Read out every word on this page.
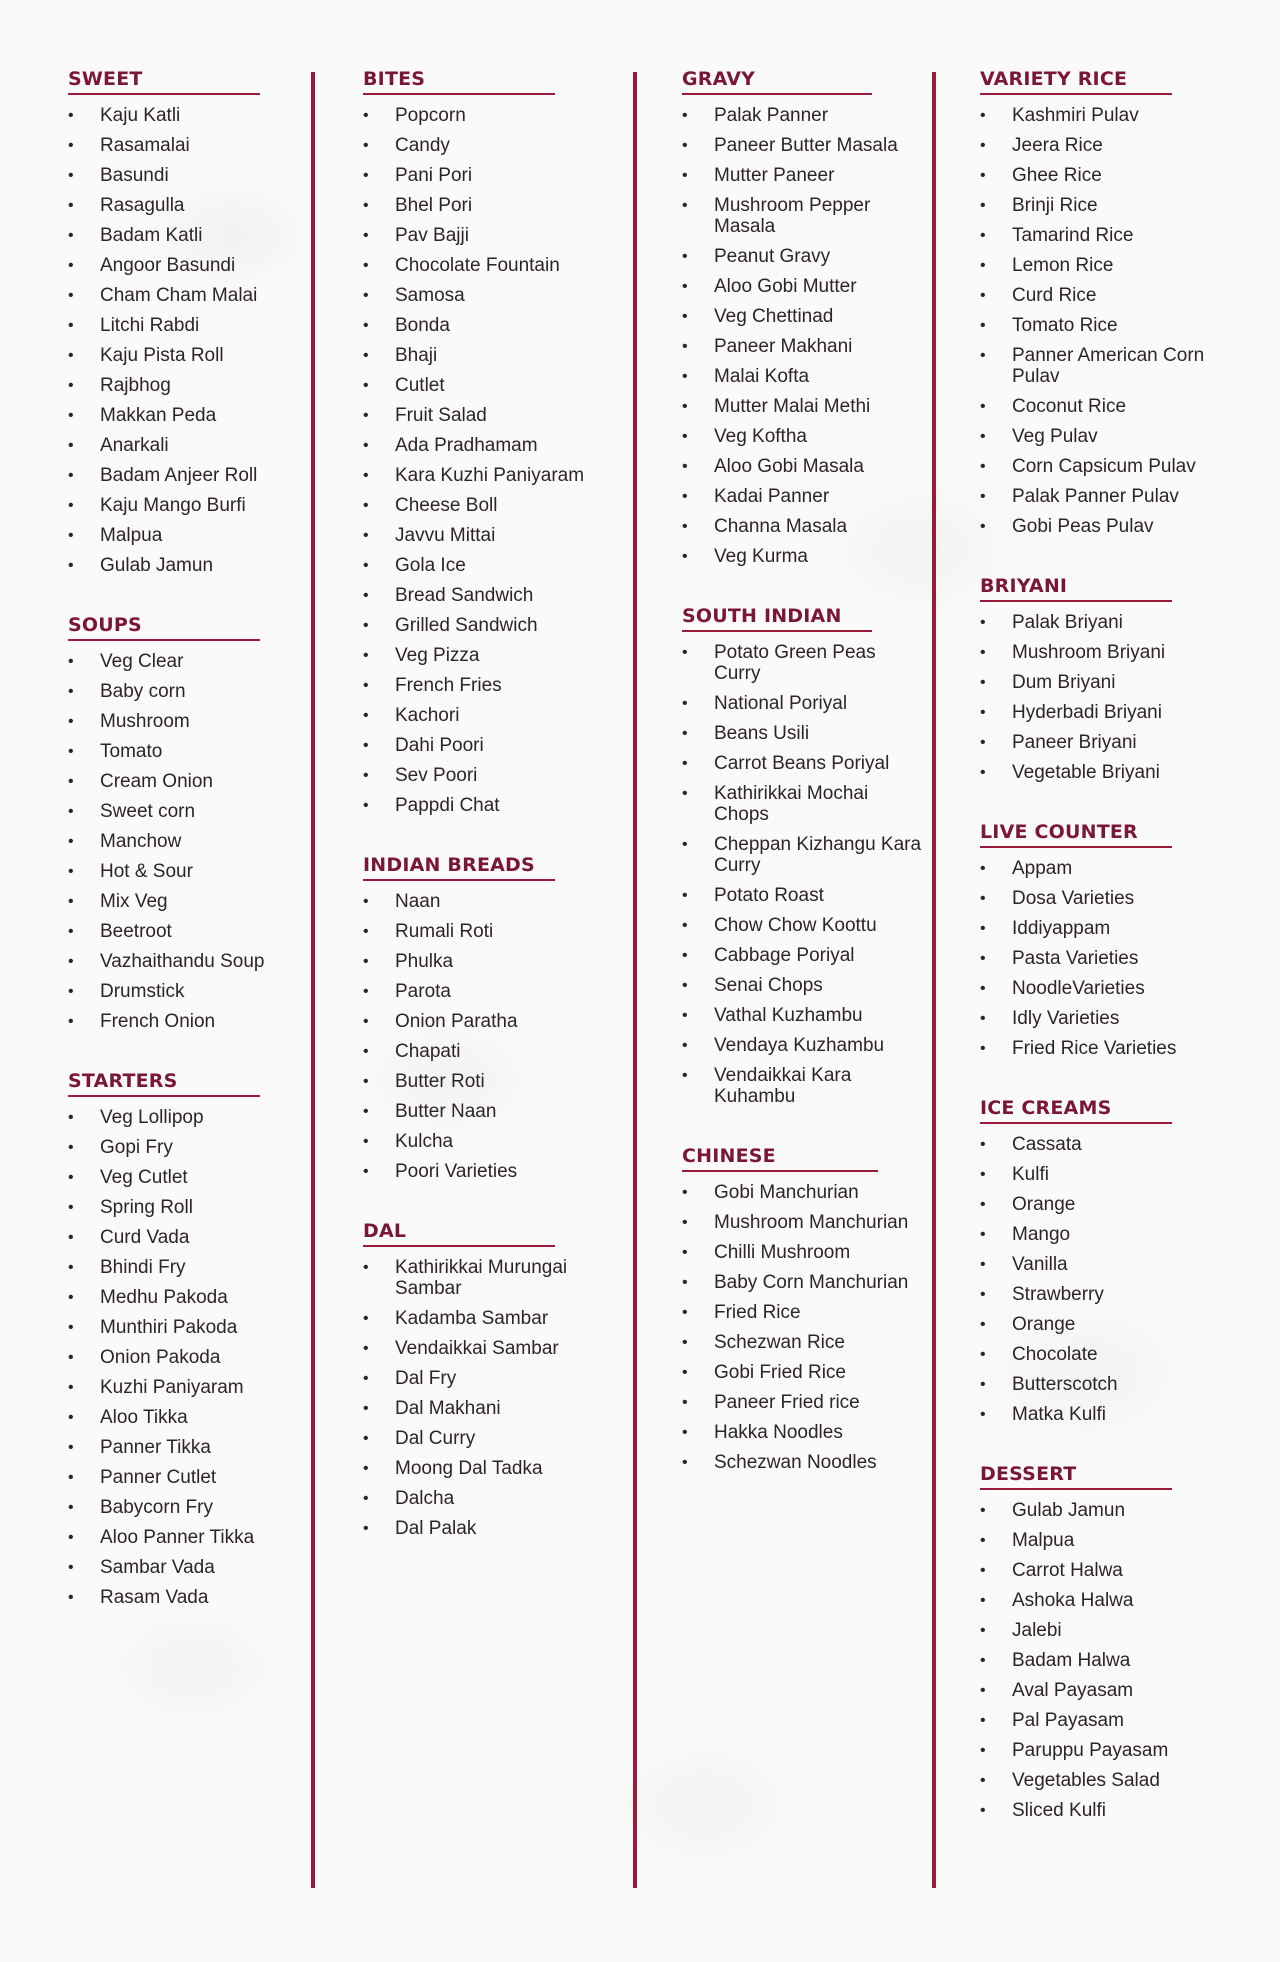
SWEET
• Kaju Katli
• Rasamalai
• Basundi
• Rasagulla
• Badam Katli
• Angoor Basundi
• Cham Cham Malai
• Litchi Rabdi
• Kaju Pista Roll
• Rajbhog
• Makkan Peda
• Anarkali
• Badam Anjeer Roll
• Kaju Mango Burfi
• Malpua
• Gulab Jamun
SOUPS
• Veg Clear
• Baby corn
• Mushroom
• Tomato
• Cream Onion
• Sweet corn
• Manchow
• Hot & Sour
• Mix Veg
• Beetroot
• Vazhaithandu Soup
• Drumstick
• French Onion
STARTERS
• Veg Lollipop
• Gopi Fry
• Veg Cutlet
• Spring Roll
• Curd Vada
• Bhindi Fry
• Medhu Pakoda
• Munthiri Pakoda
• Onion Pakoda
• Kuzhi Paniyaram
• Aloo Tikka
• Panner Tikka
• Panner Cutlet
• Babycorn Fry
• Aloo Panner Tikka
• Sambar Vada
• Rasam Vada
BITES
• Popcorn
• Candy
• Pani Pori
• Bhel Pori
• Pav Bajji
• Chocolate Fountain
• Samosa
• Bonda
• Bhaji
• Cutlet
• Fruit Salad
• Ada Pradhamam
• Kara Kuzhi Paniyaram
• Cheese Boll
• Javvu Mittai
• Gola Ice
• Bread Sandwich
• Grilled Sandwich
• Veg Pizza
• French Fries
• Kachori
• Dahi Poori
• Sev Poori
• Pappdi Chat
INDIAN BREADS
• Naan
• Rumali Roti
• Phulka
• Parota
• Onion Paratha
• Chapati
• Butter Roti
• Butter Naan
• Kulcha
• Poori Varieties
DAL
• Kathirikkai Murungai Sambar
• Kadamba Sambar
• Vendaikkai Sambar
• Dal Fry
• Dal Makhani
• Dal Curry
• Moong Dal Tadka
• Dalcha
• Dal Palak
GRAVY
• Palak Panner
• Paneer Butter Masala
• Mutter Paneer
• Mushroom Pepper Masala
• Peanut Gravy
• Aloo Gobi Mutter
• Veg Chettinad
• Paneer Makhani
• Malai Kofta
• Mutter Malai Methi
• Veg Koftha
• Aloo Gobi Masala
• Kadai Panner
• Channa Masala
• Veg Kurma
SOUTH INDIAN
• Potato Green Peas Curry
• National Poriyal
• Beans Usili
• Carrot Beans Poriyal
• Kathirikkai Mochai Chops
• Cheppan Kizhangu Kara Curry
• Potato Roast
• Chow Chow Koottu
• Cabbage Poriyal
• Senai Chops
• Vathal Kuzhambu
• Vendaya Kuzhambu
• Vendaikkai Kara Kuhambu
CHINESE
• Gobi Manchurian
• Mushroom Manchurian
• Chilli Mushroom
• Baby Corn Manchurian
• Fried Rice
• Schezwan Rice
• Gobi Fried Rice
• Paneer Fried rice
• Hakka Noodles
• Schezwan Noodles
VARIETY RICE
• Kashmiri Pulav
• Jeera Rice
• Ghee Rice
• Brinji Rice
• Tamarind Rice
• Lemon Rice
• Curd Rice
• Tomato Rice
• Panner American Corn Pulav
• Coconut Rice
• Veg Pulav
• Corn Capsicum Pulav
• Palak Panner Pulav
• Gobi Peas Pulav
BRIYANI
• Palak Briyani
• Mushroom Briyani
• Dum Briyani
• Hyderbadi Briyani
• Paneer Briyani
• Vegetable Briyani
LIVE COUNTER
• Appam
• Dosa Varieties
• Iddiyappam
• Pasta Varieties
• NoodleVarieties
• Idly Varieties
• Fried Rice Varieties
ICE CREAMS
• Cassata
• Kulfi
• Orange
• Mango
• Vanilla
• Strawberry
• Orange
• Chocolate
• Butterscotch
• Matka Kulfi
DESSERT
• Gulab Jamun
• Malpua
• Carrot Halwa
• Ashoka Halwa
• Jalebi
• Badam Halwa
• Aval Payasam
• Pal Payasam
• Paruppu Payasam
• Vegetables Salad
• Sliced Kulfi
